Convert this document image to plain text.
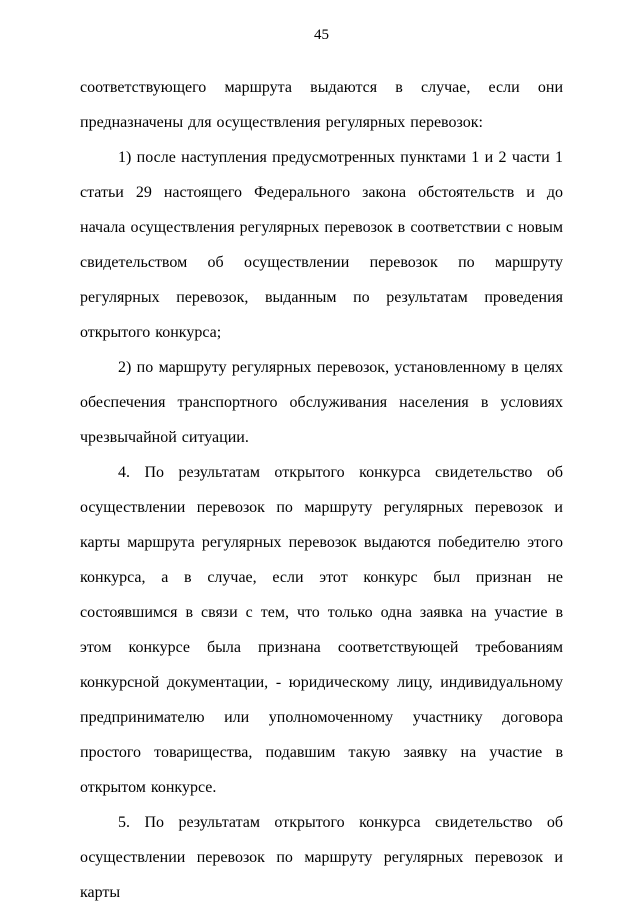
45

соответствующего маршрута выдаются в случае, если они предназначены для осуществления регулярных перевозок:

1) после наступления предусмотренных пунктами 1 и 2 части 1 статьи 29 настоящего Федерального закона обстоятельств и до начала осуществления регулярных перевозок в соответствии с новым свидетельством об осуществлении перевозок по маршруту регулярных перевозок, выданным по результатам проведения открытого конкурса;

2) по маршруту регулярных перевозок, установленному в целях обеспечения транспортного обслуживания населения в условиях чрезвычайной ситуации.

4. По результатам открытого конкурса свидетельство об осуществлении перевозок по маршруту регулярных перевозок и карты маршрута регулярных перевозок выдаются победителю этого конкурса, а в случае, если этот конкурс был признан не состоявшимся в связи с тем, что только одна заявка на участие в этом конкурсе была признана соответствующей требованиям конкурсной документации, - юридическому лицу, индивидуальному предпринимателю или уполномоченному участнику договора простого товарищества, подавшим такую заявку на участие в открытом конкурсе.

5. По результатам открытого конкурса свидетельство об осуществлении перевозок по маршруту регулярных перевозок и карты
